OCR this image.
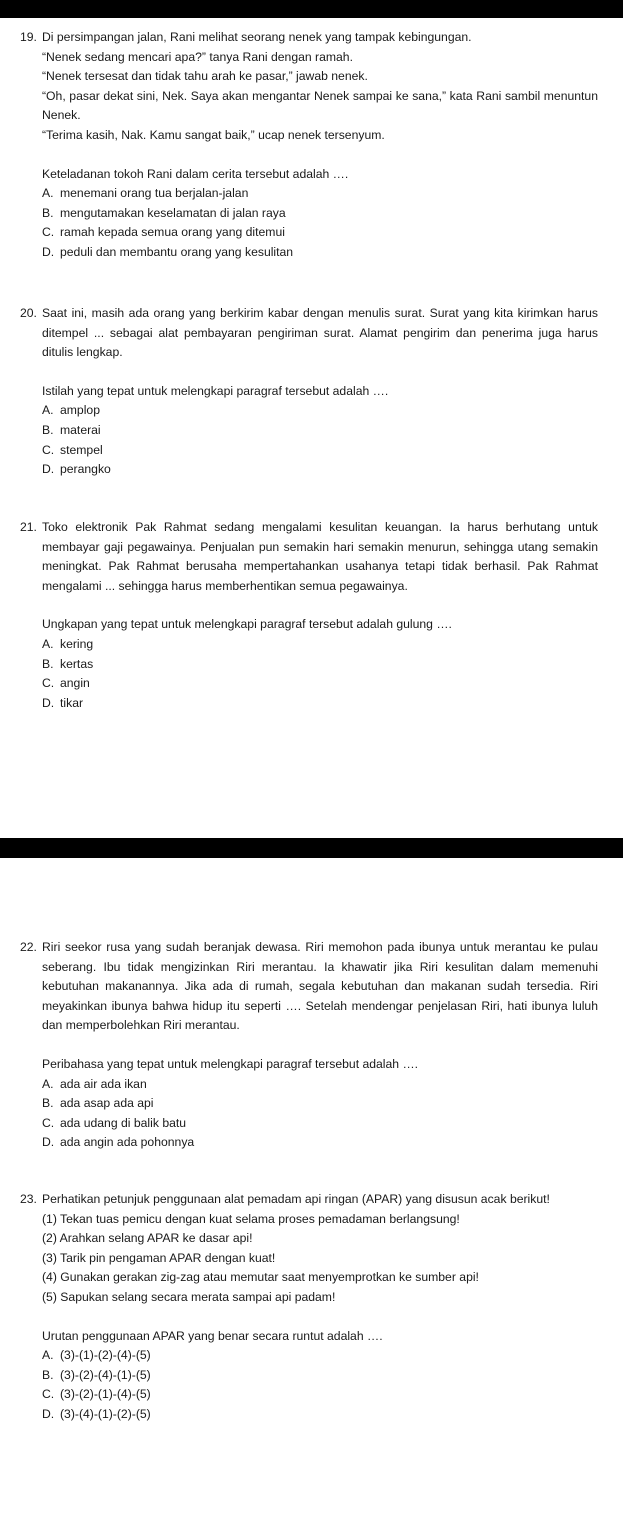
19. Di persimpangan jalan, Rani melihat seorang nenek yang tampak kebingungan.

“Nenek sedang mencari apa?” tanya Rani dengan ramah.

“Nenek tersesat dan tidak tahu arah ke pasar,” jawab nenek.

“Oh, pasar dekat sini, Nek. Saya akan mengantar Nenek sampai ke sana,” kata Rani sambil menuntun Nenek.

“Terima kasih, Nak. Kamu sangat baik,” ucap nenek tersenyum.

Keteladanan tokoh Rani dalam cerita tersebut adalah ….

A. menemani orang tua berjalan-jalan
B. mengutamakan keselamatan di jalan raya
C. ramah kepada semua orang yang ditemui
D. peduli dan membantu orang yang kesulitan
20. Saat ini, masih ada orang yang berkirim kabar dengan menulis surat. Surat yang kita kirimkan harus ditempel ... sebagai alat pembayaran pengiriman surat. Alamat pengirim dan penerima juga harus ditulis lengkap.

Istilah yang tepat untuk melengkapi paragraf tersebut adalah ….

A. amplop
B. materai
C. stempel
D. perangko
21. Toko elektronik Pak Rahmat sedang mengalami kesulitan keuangan. Ia harus berhutang untuk membayar gaji pegawainya. Penjualan pun semakin hari semakin menurun, sehingga utang semakin meningkat. Pak Rahmat berusaha mempertahankan usahanya tetapi tidak berhasil. Pak Rahmat mengalami ... sehingga harus memberhentikan semua pegawainya.

Ungkapan yang tepat untuk melengkapi paragraf tersebut adalah gulung ….

A. kering
B. kertas
C. angin
D. tikar
22. Riri seekor rusa yang sudah beranjak dewasa. Riri memohon pada ibunya untuk merantau ke pulau seberang. Ibu tidak mengizinkan Riri merantau. Ia khawatir jika Riri kesulitan dalam memenuhi kebutuhan makanannya. Jika ada di rumah, segala kebutuhan dan makanan sudah tersedia. Riri meyakinkan ibunya bahwa hidup itu seperti …. Setelah mendengar penjelasan Riri, hati ibunya luluh dan memperbolehkan Riri merantau.

Peribahasa yang tepat untuk melengkapi paragraf tersebut adalah ….

A. ada air ada ikan
B. ada asap ada api
C. ada udang di balik batu
D. ada angin ada pohonnya
23. Perhatikan petunjuk penggunaan alat pemadam api ringan (APAR) yang disusun acak berikut!

(1) Tekan tuas pemicu dengan kuat selama proses pemadaman berlangsung!

(2) Arahkan selang APAR ke dasar api!

(3) Tarik pin pengaman APAR dengan kuat!

(4) Gunakan gerakan zig-zag atau memutar saat menyemprotkan ke sumber api!

(5) Sapukan selang secara merata sampai api padam!

Urutan penggunaan APAR yang benar secara runtut adalah ….

A. (3)-(1)-(2)-(4)-(5)
B. (3)-(2)-(4)-(1)-(5)
C. (3)-(2)-(1)-(4)-(5)
D. (3)-(4)-(1)-(2)-(5)
